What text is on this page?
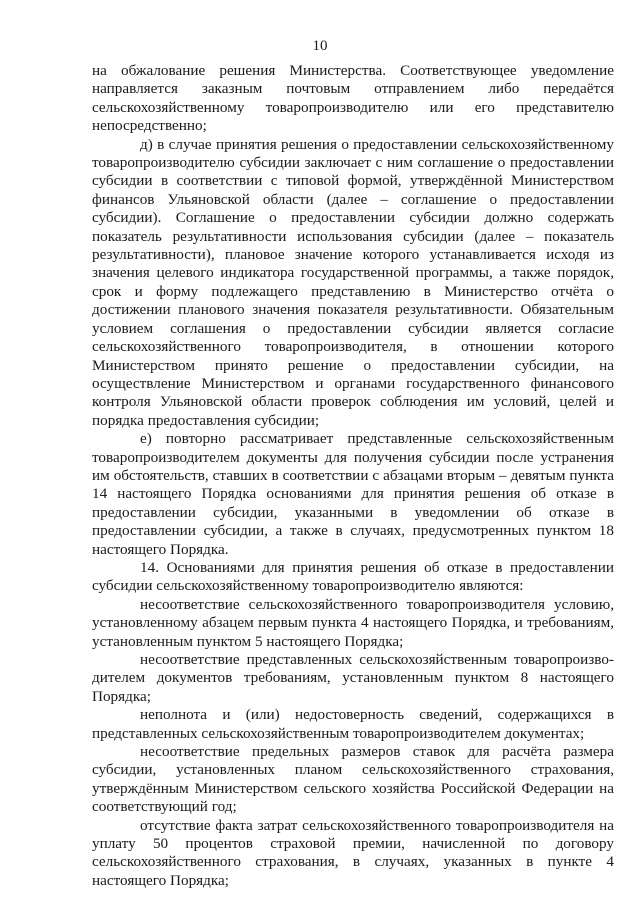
10

на обжалование решения Министерства. Соответствующее уведомление направляется заказным почтовым отправлением либо передаётся сельскохозяйственному товаропроизводителю или его представителю непосредственно;

д) в случае принятия решения о предоставлении сельскохозяйственному товаропроизводителю субсидии заключает с ним соглашение о предоставлении субсидии в соответствии с типовой формой, утверждённой Министерством финансов Ульяновской области (далее – соглашение о предоставлении субсидии). Соглашение о предоставлении субсидии должно содержать показатель результативности использования субсидии (далее – показатель результативности), плановое значение которого устанавливается исходя из значения целевого индикатора государственной программы, а также порядок, срок и форму подлежащего представлению в Министерство отчёта о достижении планового значения показателя результативности. Обязательным условием соглашения о предоставлении субсидии является согласие сельскохозяйственного товаропроизводителя, в отношении которого Министерством принято решение о предоставлении субсидии, на осуществление Министерством и органами государственного финансового контроля Ульяновской области проверок соблюдения им условий, целей и порядка предоставления субсидии;

е) повторно рассматривает представленные сельскохозяйственным товаропроизводителем документы для получения субсидии после устранения им обстоятельств, ставших в соответствии с абзацами вторым – девятым пункта 14 настоящего Порядка основаниями для принятия решения об отказе в предоставлении субсидии, указанными в уведомлении об отказе в предоставлении субсидии, а также в случаях, предусмотренных пунктом 18 настоящего Порядка.

14. Основаниями для принятия решения об отказе в предоставлении субсидии сельскохозяйственному товаропроизводителю являются:

несоответствие сельскохозяйственного товаропроизводителя условию, установленному абзацем первым пункта 4 настоящего Порядка, и требованиям, установленным пунктом 5 настоящего Порядка;

несоответствие представленных сельскохозяйственным товаропроизво-дителем документов требованиям, установленным пунктом 8 настоящего Порядка;

неполнота и (или) недостоверность сведений, содержащихся в представленных сельскохозяйственным товаропроизводителем документах;

несоответствие предельных размеров ставок для расчёта размера субсидии, установленных планом сельскохозяйственного страхования, утверждённым Министерством сельского хозяйства Российской Федерации на соответствующий год;

отсутствие факта затрат сельскохозяйственного товаропроизводителя на уплату 50 процентов страховой премии, начисленной по договору сельскохозяйственного страхования, в случаях, указанных в пункте 4 настоящего Порядка;
